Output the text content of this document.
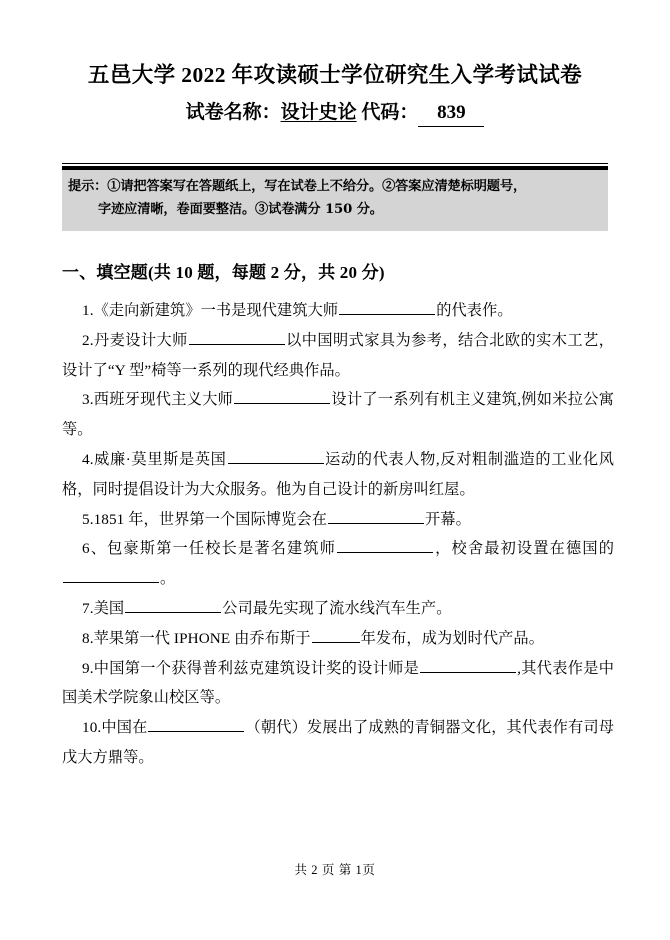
五邑大学 2022 年攻读硕士学位研究生入学考试试卷
试卷名称：设计史论 代码： 839
提示：①请把答案写在答题纸上，写在试卷上不给分。②答案应清楚标明题号，
字迹应清晰，卷面要整洁。③试卷满分 150 分。
一、填空题(共 10 题，每题 2 分，共 20 分)
1.《走向新建筑》一书是现代建筑大师	的代表作。
2.丹麦设计大师	以中国明式家具为参考，结合北欧的实木工艺，设计了“Y 型”椅等一系列的现代经典作品。
3.西班牙现代主义大师	设计了一系列有机主义建筑,例如米拉公寓等。
4.威廉·莫里斯是英国	运动的代表人物,反对粗制滥造的工业化风格，同时提倡设计为大众服务。他为自己设计的新房叫红屋。
5.1851 年，世界第一个国际博览会在	开幕。
6、包豪斯第一任校长是著名建筑师	，校舍最初设置在德国的。
7.美国	公司最先实现了流水线汽车生产。
8.苹果第一代 IPHONE 由乔布斯于	年发布，成为划时代产品。
9.中国第一个获得普利兹克建筑设计奖的设计师是	,其代表作是中国美术学院象山校区等。
10.中国在	（朝代）发展出了成熟的青铜器文化，其代表作有司母戊大方鼎等。
共 2 页 第 1页
